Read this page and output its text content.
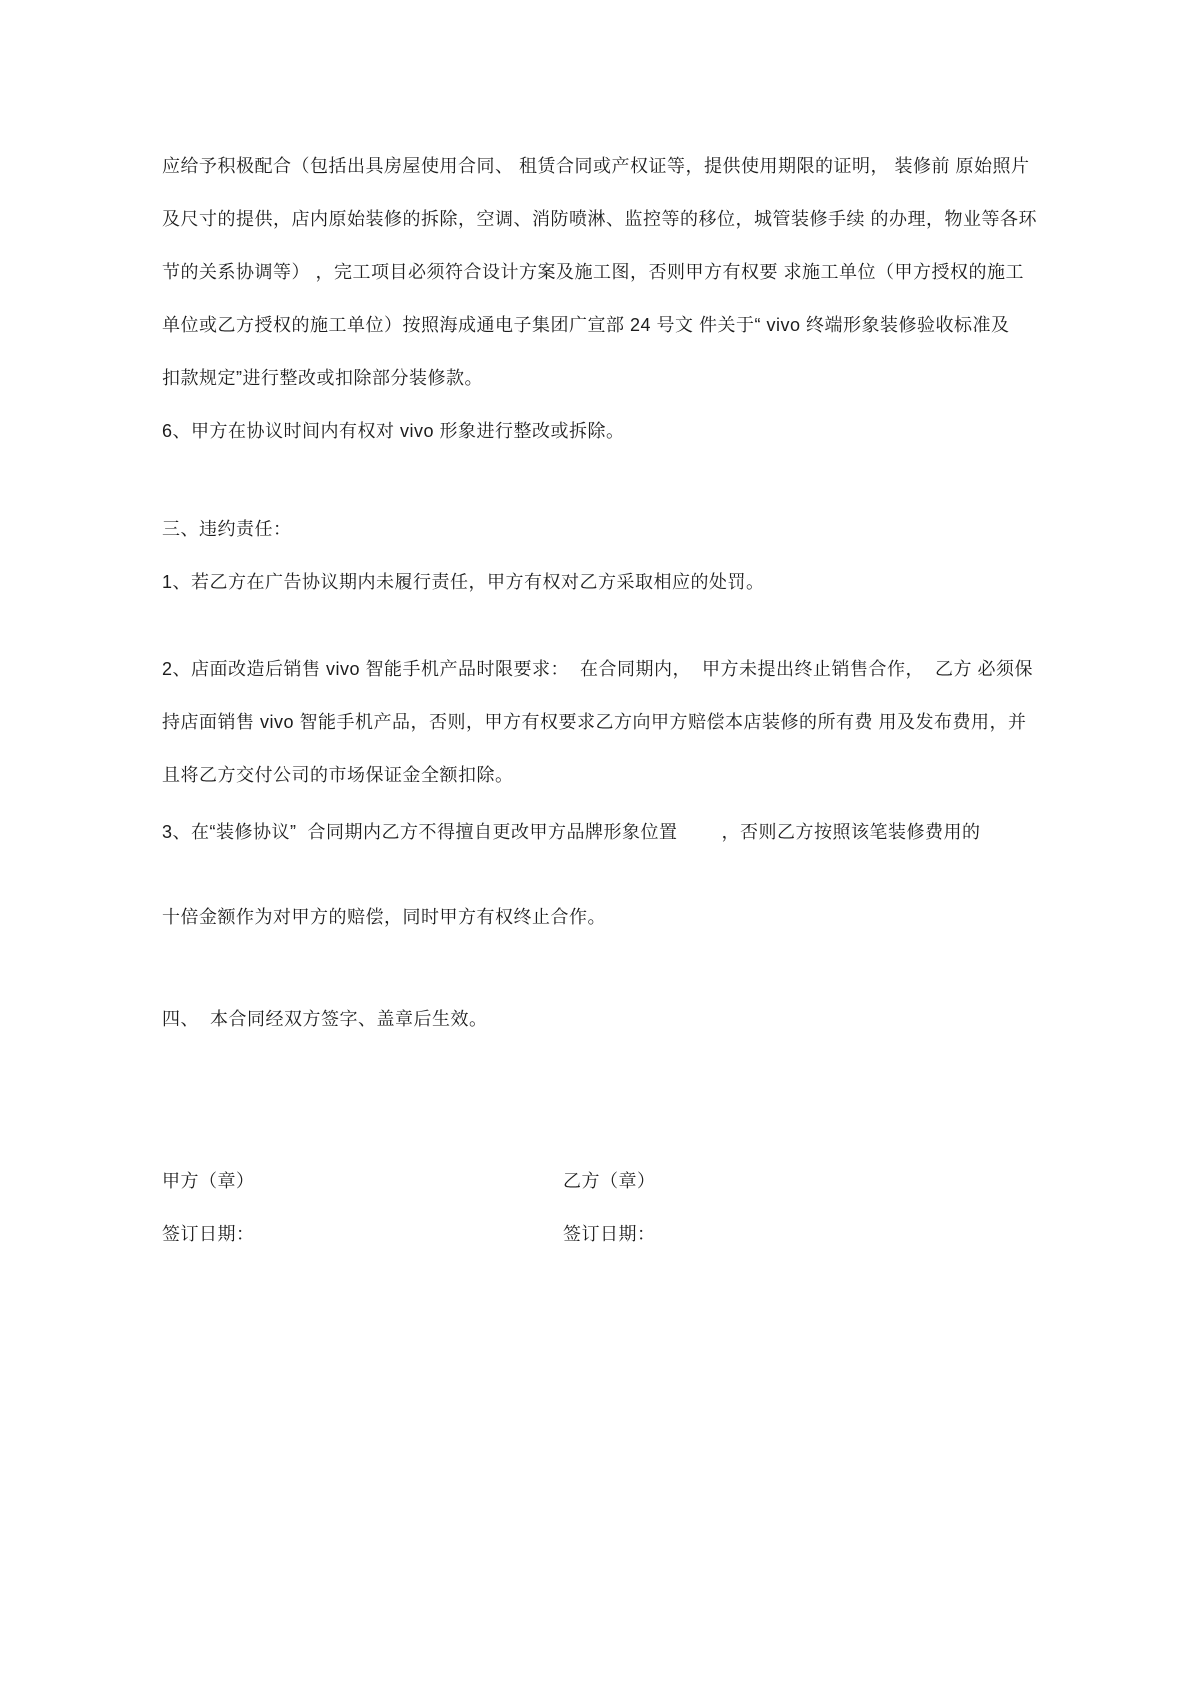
应给予积极配合（包括出具房屋使用合同、 租赁合同或产权证等，提供使用期限的证明， 装修前 原始照片

及尺寸的提供，店内原始装修的拆除，空调、消防喷淋、监控等的移位，城管装修手续 的办理，物业等各环

节的关系协调等） ，完工项目必须符合设计方案及施工图，否则甲方有权要 求施工单位（甲方授权的施工

单位或乙方授权的施工单位）按照海成通电子集团广宣部 24 号文 件关于“ vivo 终端形象装修验收标准及

扣款规定”进行整改或扣除部分装修款。

6、甲方在协议时间内有权对 vivo 形象进行整改或拆除。

三、违约责任：

1、若乙方在广告协议期内未履行责任，甲方有权对乙方采取相应的处罚。

2、店面改造后销售 vivo 智能手机产品时限要求：  在合同期内，  甲方未提出终止销售合作，  乙方 必须保

持店面销售 vivo 智能手机产品，否则，甲方有权要求乙方向甲方赔偿本店装修的所有费 用及发布费用，并

且将乙方交付公司的市场保证金全额扣除。

3、在“装修协议”  合同期内乙方不得擅自更改甲方品牌形象位置        ，否则乙方按照该笔装修费用的

十倍金额作为对甲方的赔偿，同时甲方有权终止合作。

四、  本合同经双方签字、盖章后生效。

甲方（章）	乙方（章）
签订日期：	签订日期：
